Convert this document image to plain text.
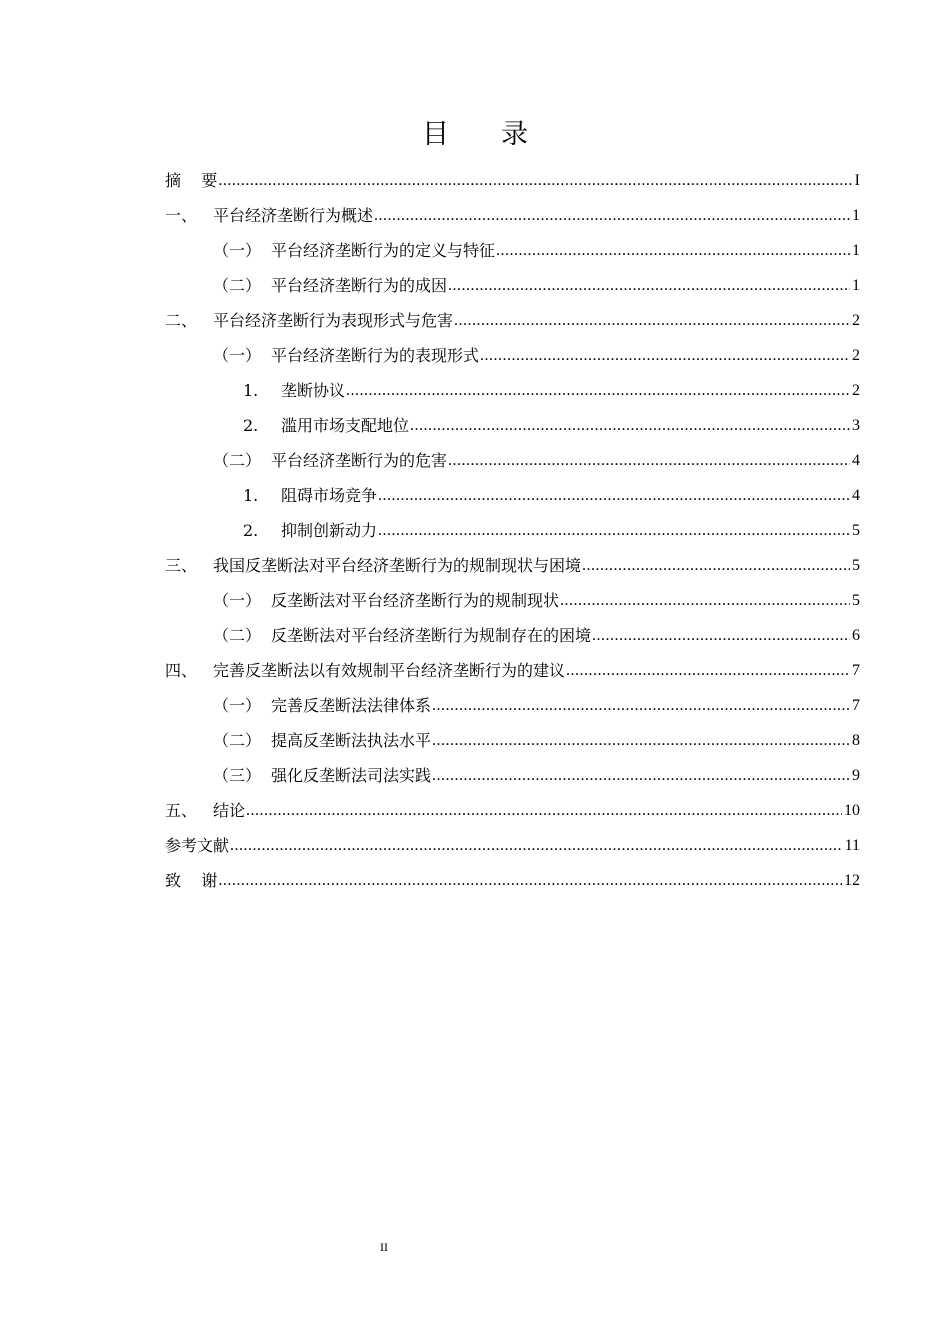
目 录
摘    要 .....	I
一、 平台经济垄断行为概述 .....	1
（一） 平台经济垄断行为的定义与特征 .....	1
（二） 平台经济垄断行为的成因 .....	1
二、 平台经济垄断行为表现形式与危害 .....	2
（一） 平台经济垄断行为的表现形式 .....	2
1.	垄断协议 .....	2
2.	滥用市场支配地位 .....	3
（二） 平台经济垄断行为的危害 .....	4
1.	阻碍市场竞争 .....	4
2.	抑制创新动力 .....	5
三、 我国反垄断法对平台经济垄断行为的规制现状与困境 .....	5
（一） 反垄断法对平台经济垄断行为的规制现状 .....	5
（二） 反垄断法对平台经济垄断行为规制存在的困境 .....	6
四、 完善反垄断法以有效规制平台经济垄断行为的建议 .....	7
（一） 完善反垄断法法律体系 .....	7
（二） 提高反垄断法执法水平 .....	8
（三） 强化反垄断法司法实践 .....	9
五、 结论 .....	10
参考文献 .....	11
致    谢 .....	12
II
